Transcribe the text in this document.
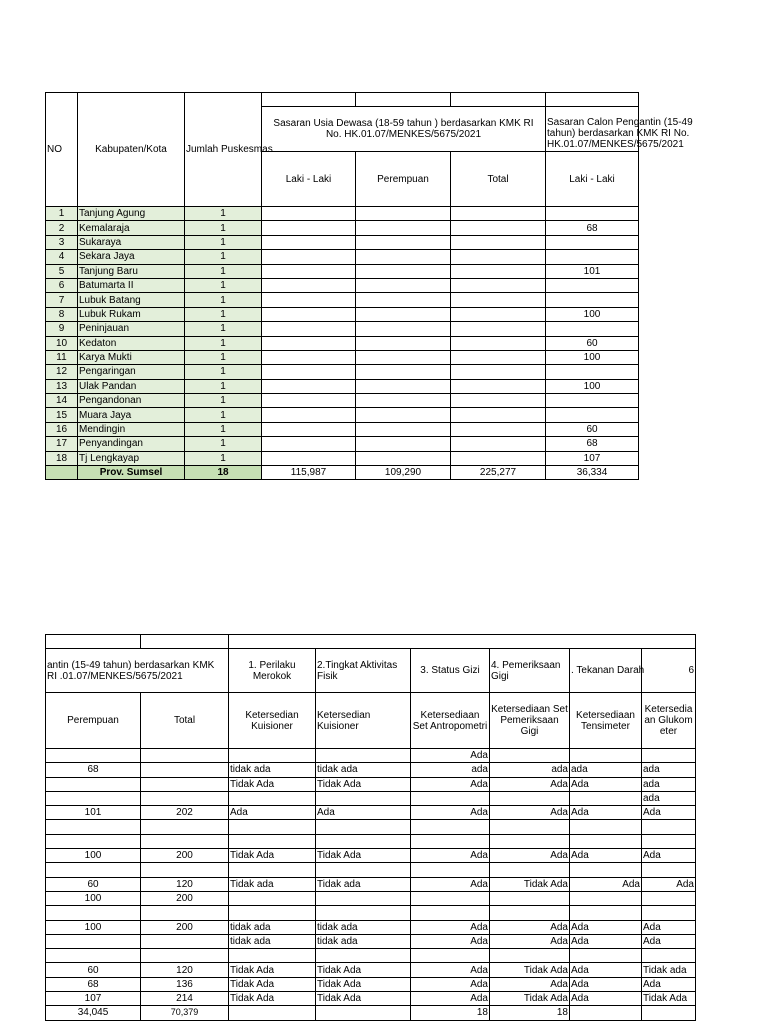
NO	Kabupaten/Kota	Jumlah Puskesmas				
			Sasaran Usia Dewasa (18-59 tahun ) berdasarkan KMK RI No. HK.01.07/MENKES/5675/2021			Sasaran Calon Pengantin (15-49 tahun) berdasarkan KMK RI No. HK.01.07/MENKES/5675/2021

			Laki - Laki	Perempuan	Total	Laki - Laki
1	Tanjung Agung	1				
2	Kemalaraja	1				68
3	Sukaraya	1				
4	Sekara Jaya	1				
5	Tanjung Baru	1				101
6	Batumarta II	1				
7	Lubuk Batang	1				
8	Lubuk Rukam	1				100
9	Peninjauan	1				
10	Kedaton	1				60
11	Karya Mukti	1				100
12	Pengaringan	1				
13	Ulak Pandan	1				100
14	Pengandonan	1				
15	Muara Jaya	1				
16	Mendingin	1				60
17	Penyandingan	1				68
18	Tj Lengkayap	1				107
	Prov. Sumsel	18	115,987	109,290	225,277	36,334

antin (15-49 tahun) berdasarkan KMK RI .01.07/MENKES/5675/2021		1. Perilaku Merokok	2.Tingkat Aktivitas Fisik	3. Status Gizi	4. Pemeriksaan Gigi	. Tekanan Darah	6
Perempuan	Total	Ketersedian Kuisioner	Ketersedian Kuisioner	Ketersediaan Set Antropometri	Ketersediaan Set Pemeriksaan Gigi	Ketersediaan Tensimeter	Ketersediaan Glukometer
				Ada			
68		tidak ada	tidak ada	ada	ada	ada	ada
		Tidak Ada	Tidak Ada	Ada	Ada	Ada	ada
							ada
101	202	Ada	Ada	Ada	Ada	Ada	Ada

100	200	Tidak Ada	Tidak Ada	Ada	Ada	Ada	Ada

60	120	Tidak ada	Tidak ada	Ada	Tidak Ada	Ada	Ada
100	200						

100	200	tidak ada	tidak ada	Ada	Ada	Ada	Ada
		tidak ada	tidak ada	Ada	Ada	Ada	Ada

60	120	Tidak Ada	Tidak Ada	Ada	Tidak Ada	Ada	Tidak ada
68	136	Tidak Ada	Tidak Ada	Ada	Ada	Ada	Ada
107	214	Tidak Ada	Tidak Ada	Ada	Tidak Ada	Ada	Tidak Ada
34,045	70,379			18	18		
